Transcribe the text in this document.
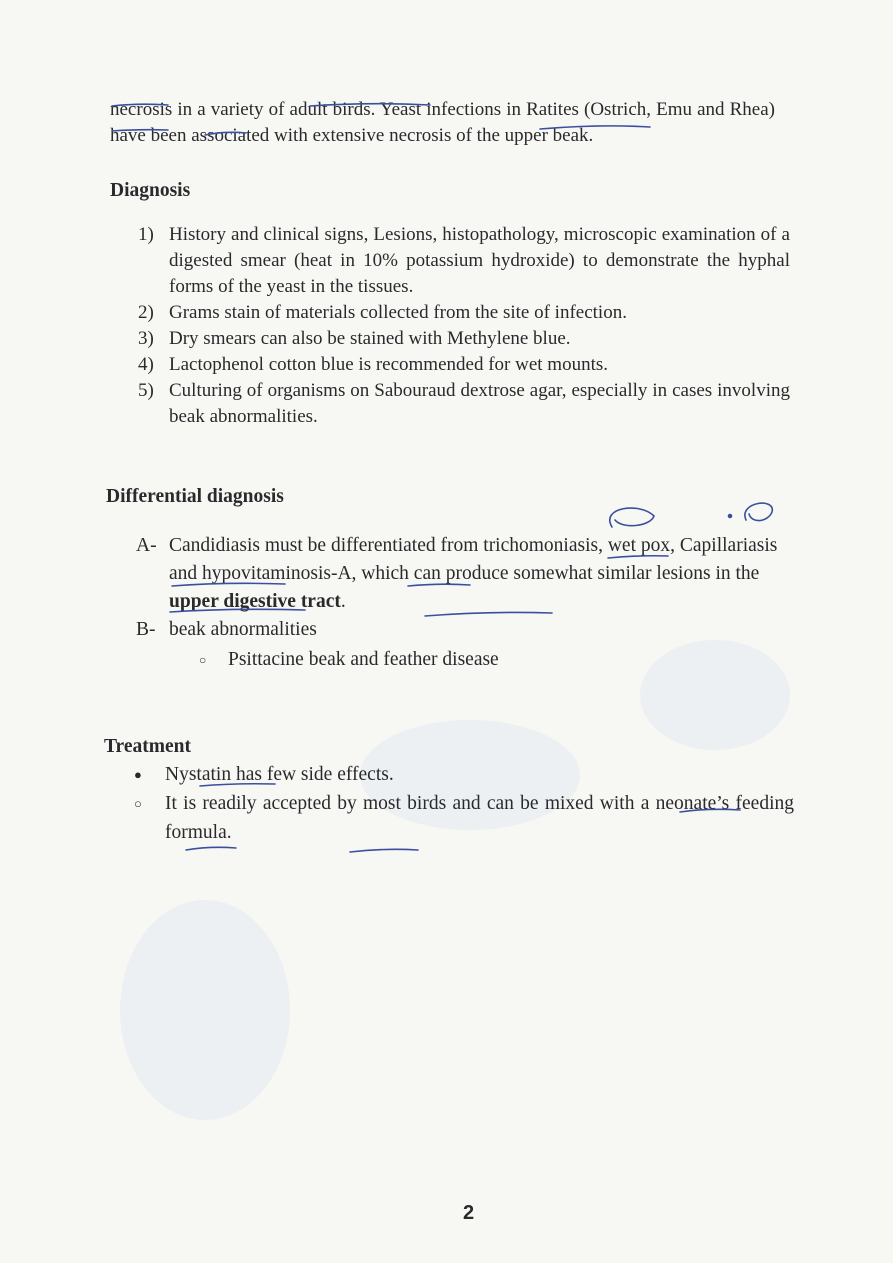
necrosis in a variety of adult birds. Yeast infections in Ratites (Ostrich, Emu and Rhea) have been associated with extensive necrosis of the upper beak.

Diagnosis
1) History and clinical signs, Lesions, histopathology, microscopic examination of a digested smear (heat in 10% potassium hydroxide) to demonstrate the hyphal forms of the yeast in the tissues.
2) Grams stain of materials collected from the site of infection.
3) Dry smears can also be stained with Methylene blue.
4) Lactophenol cotton blue is recommended for wet mounts.
5) Culturing of organisms on Sabouraud dextrose agar, especially in cases involving beak abnormalities.
Differential diagnosis
A- Candidiasis must be differentiated from trichomoniasis, wet pox, Capillariasis and hypovitaminosis-A, which can produce somewhat similar lesions in the upper digestive tract.
B- beak abnormalities
○ Psittacine beak and feather disease
Treatment
● Nystatin has few side effects.
○ It is readily accepted by most birds and can be mixed with a neonate’s feeding formula.
2
